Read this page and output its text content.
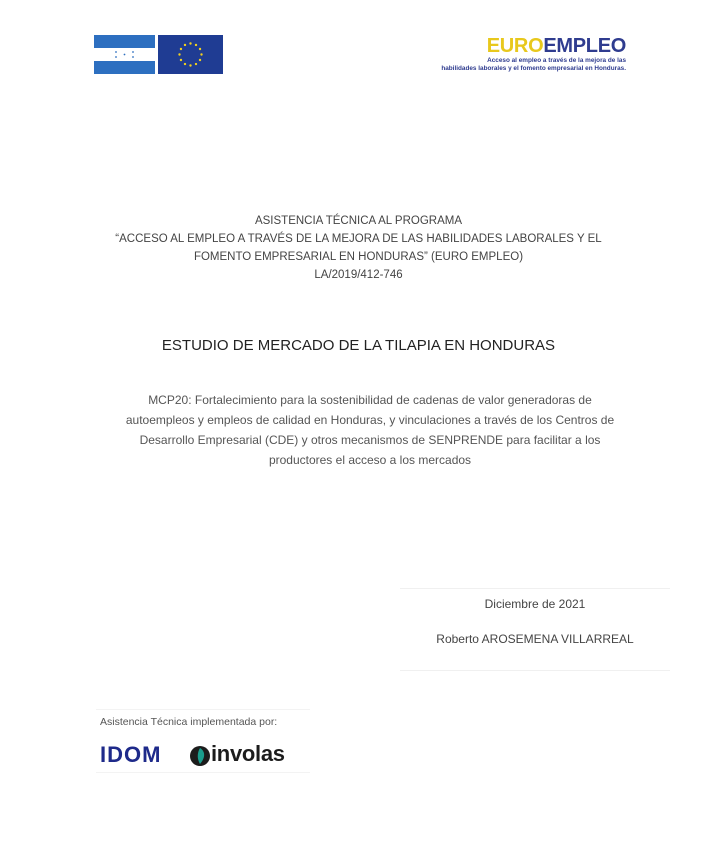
EUROEMPLEO
Acceso al empleo a través de la mejora de las
habilidades laborales y el fomento empresarial en Honduras.
ASISTENCIA TÉCNICA AL PROGRAMA
“ACCESO AL EMPLEO A TRAVÉS DE LA MEJORA DE LAS HABILIDADES LABORALES Y EL
FOMENTO EMPRESARIAL EN HONDURAS” (EURO EMPLEO)
LA/2019/412-746
ESTUDIO DE MERCADO DE LA TILAPIA EN HONDURAS
MCP20: Fortalecimiento para la sostenibilidad de cadenas de valor generadoras de
autoempleos y empleos de calidad en Honduras, y vinculaciones a través de los Centros de
Desarrollo Empresarial (CDE) y otros mecanismos de SENPRENDE para facilitar a los
productores el acceso a los mercados
Diciembre de 2021
Roberto AROSEMENA VILLARREAL
Asistencia Técnica implementada por:
IDOM involas
